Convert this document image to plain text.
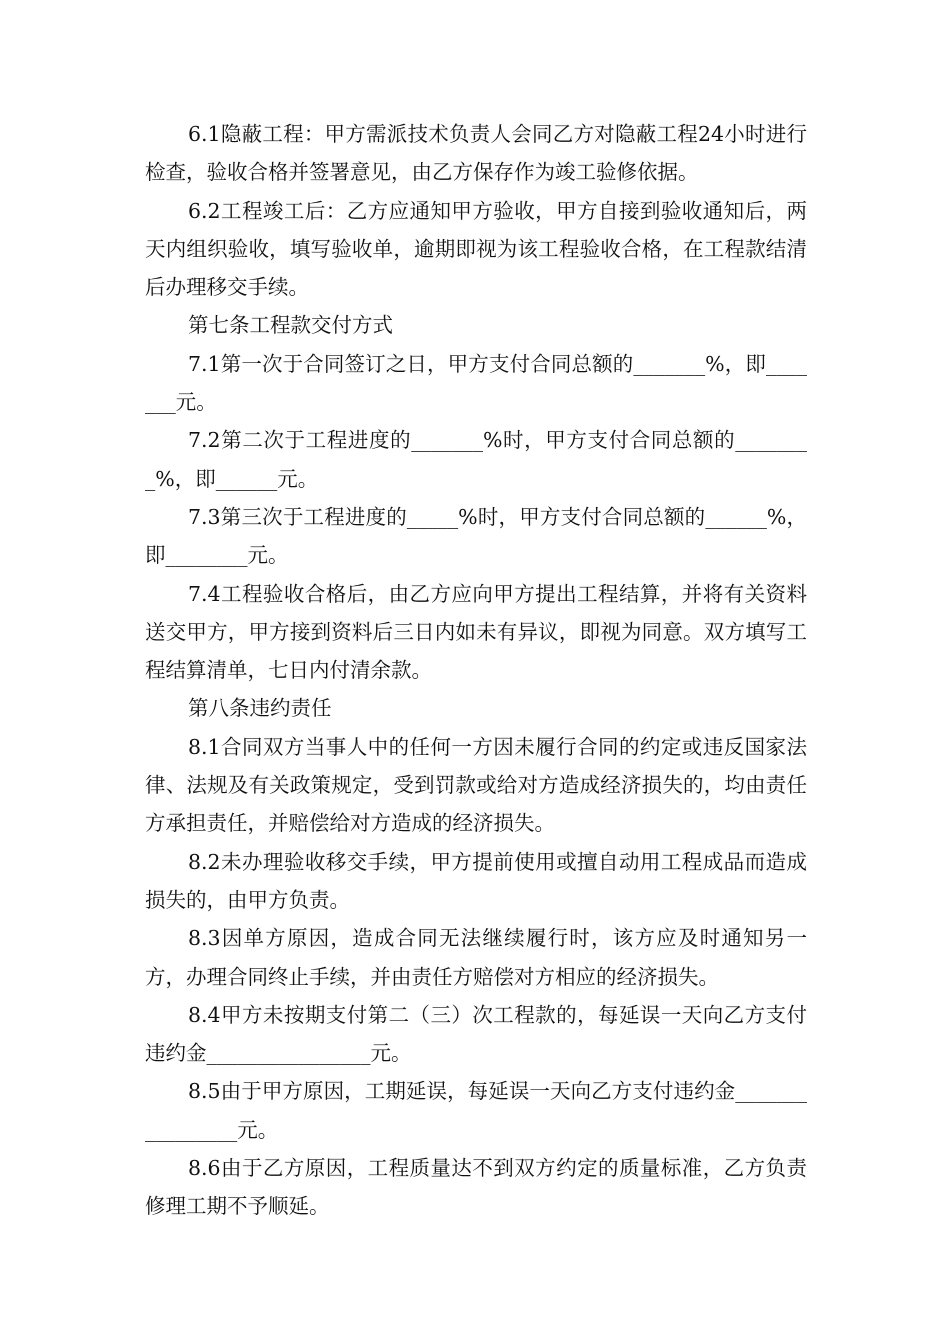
6.1隐蔽工程：甲方需派技术负责人会同乙方对隐蔽工程24小时进行检查，验收合格并签署意见，由乙方保存作为竣工验修依据。

6.2工程竣工后：乙方应通知甲方验收，甲方自接到验收通知后，两天内组织验收，填写验收单，逾期即视为该工程验收合格，在工程款结清后办理移交手续。

第七条工程款交付方式

7.1第一次于合同签订之日，甲方支付合同总额的_______%，即_______元。

7.2第二次于工程进度的_______%时，甲方支付合同总额的________%，即______元。

7.3第三次于工程进度的_____%时，甲方支付合同总额的______%，即________元。

7.4工程验收合格后，由乙方应向甲方提出工程结算，并将有关资料送交甲方，甲方接到资料后三日内如未有异议，即视为同意。双方填写工程结算清单，七日内付清余款。

第八条违约责任

8.1合同双方当事人中的任何一方因未履行合同的约定或违反国家法律、法规及有关政策规定，受到罚款或给对方造成经济损失的，均由责任方承担责任，并赔偿给对方造成的经济损失。

8.2未办理验收移交手续，甲方提前使用或擅自动用工程成品而造成损失的，由甲方负责。

8.3因单方原因，造成合同无法继续履行时，该方应及时通知另一方，办理合同终止手续，并由责任方赔偿对方相应的经济损失。

8.4甲方未按期支付第二（三）次工程款的，每延误一天向乙方支付违约金________________元。

8.5由于甲方原因，工期延误，每延误一天向乙方支付违约金________________元。

8.6由于乙方原因，工程质量达不到双方约定的质量标准，乙方负责修理工期不予顺延。
